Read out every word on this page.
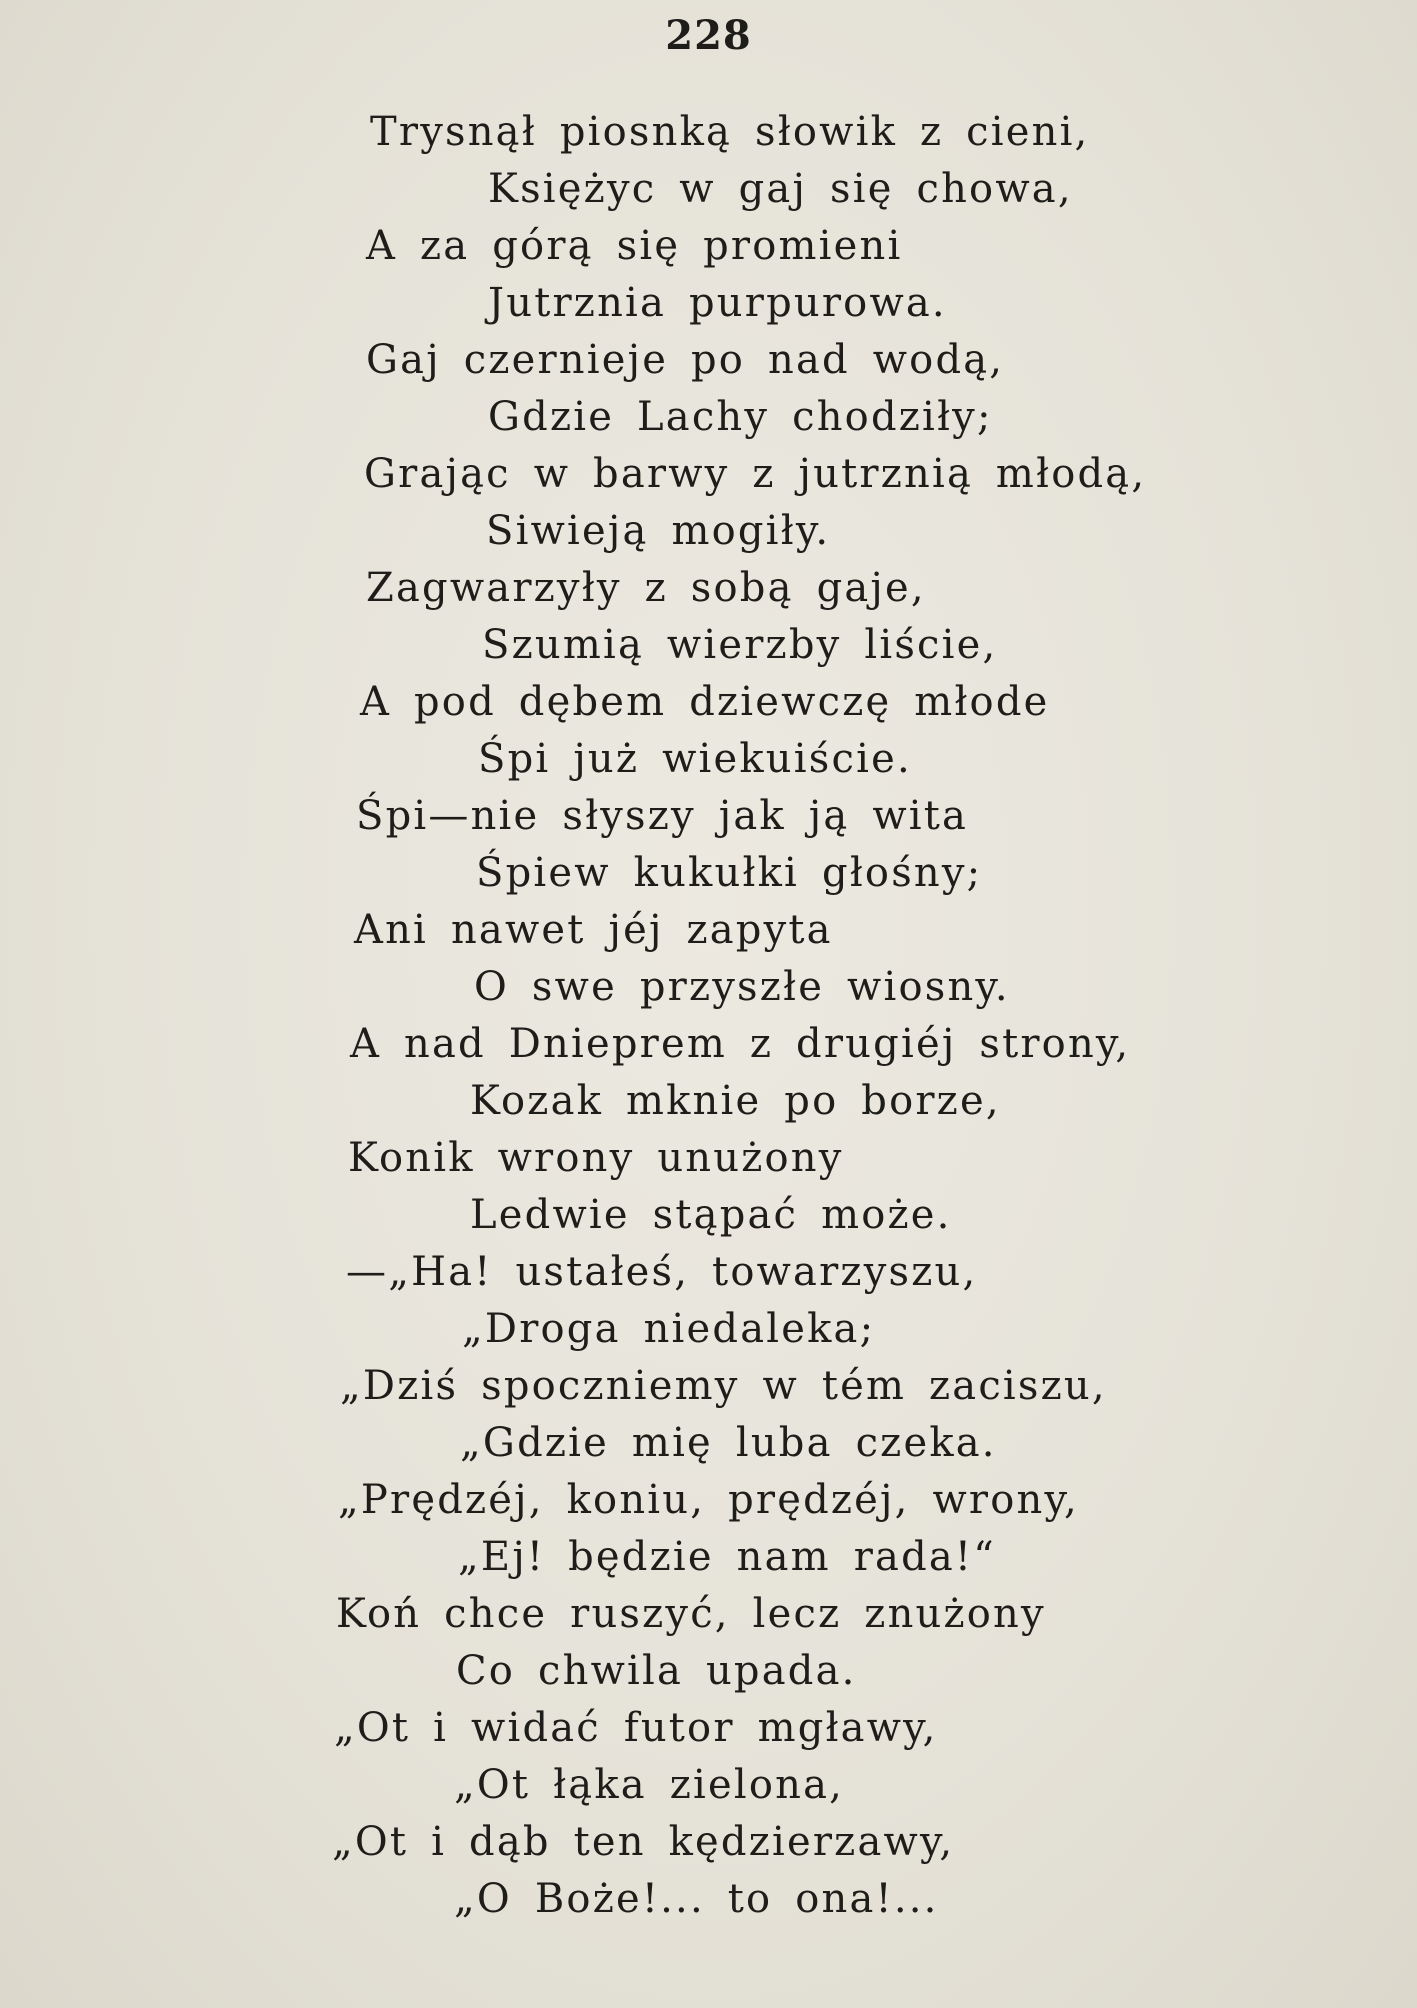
228
Trysnął piosnką słowik z cieni,
Księżyc w gaj się chowa,
A za górą się promieni
Jutrznia purpurowa.
Gaj czernieje po nad wodą,
Gdzie Lachy chodziły;
Grając w barwy z jutrznią młodą,
Siwieją mogiły.
Zagwarzyły z sobą gaje,
Szumią wierzby liście,
A pod dębem dziewczę młode
Śpi już wiekuiście.
Śpi—nie słyszy jak ją wita
Śpiew kukułki głośny;
Ani nawet jéj zapyta
O swe przyszłe wiosny.
A nad Dnieprem z drugiéj strony,
Kozak mknie po borze,
Konik wrony unużony
Ledwie stąpać może.
—„Ha! ustałeś, towarzyszu,
„Droga niedaleka;
„Dziś spoczniemy w tém zaciszu,
„Gdzie mię luba czeka.
„Prędzéj, koniu, prędzéj, wrony,
„Ej! będzie nam rada!“
Koń chce ruszyć, lecz znużony
Co chwila upada.
„Ot i widać futor mgławy,
„Ot łąka zielona,
„Ot i dąb ten kędzierzawy,
„O Boże!... to ona!...
